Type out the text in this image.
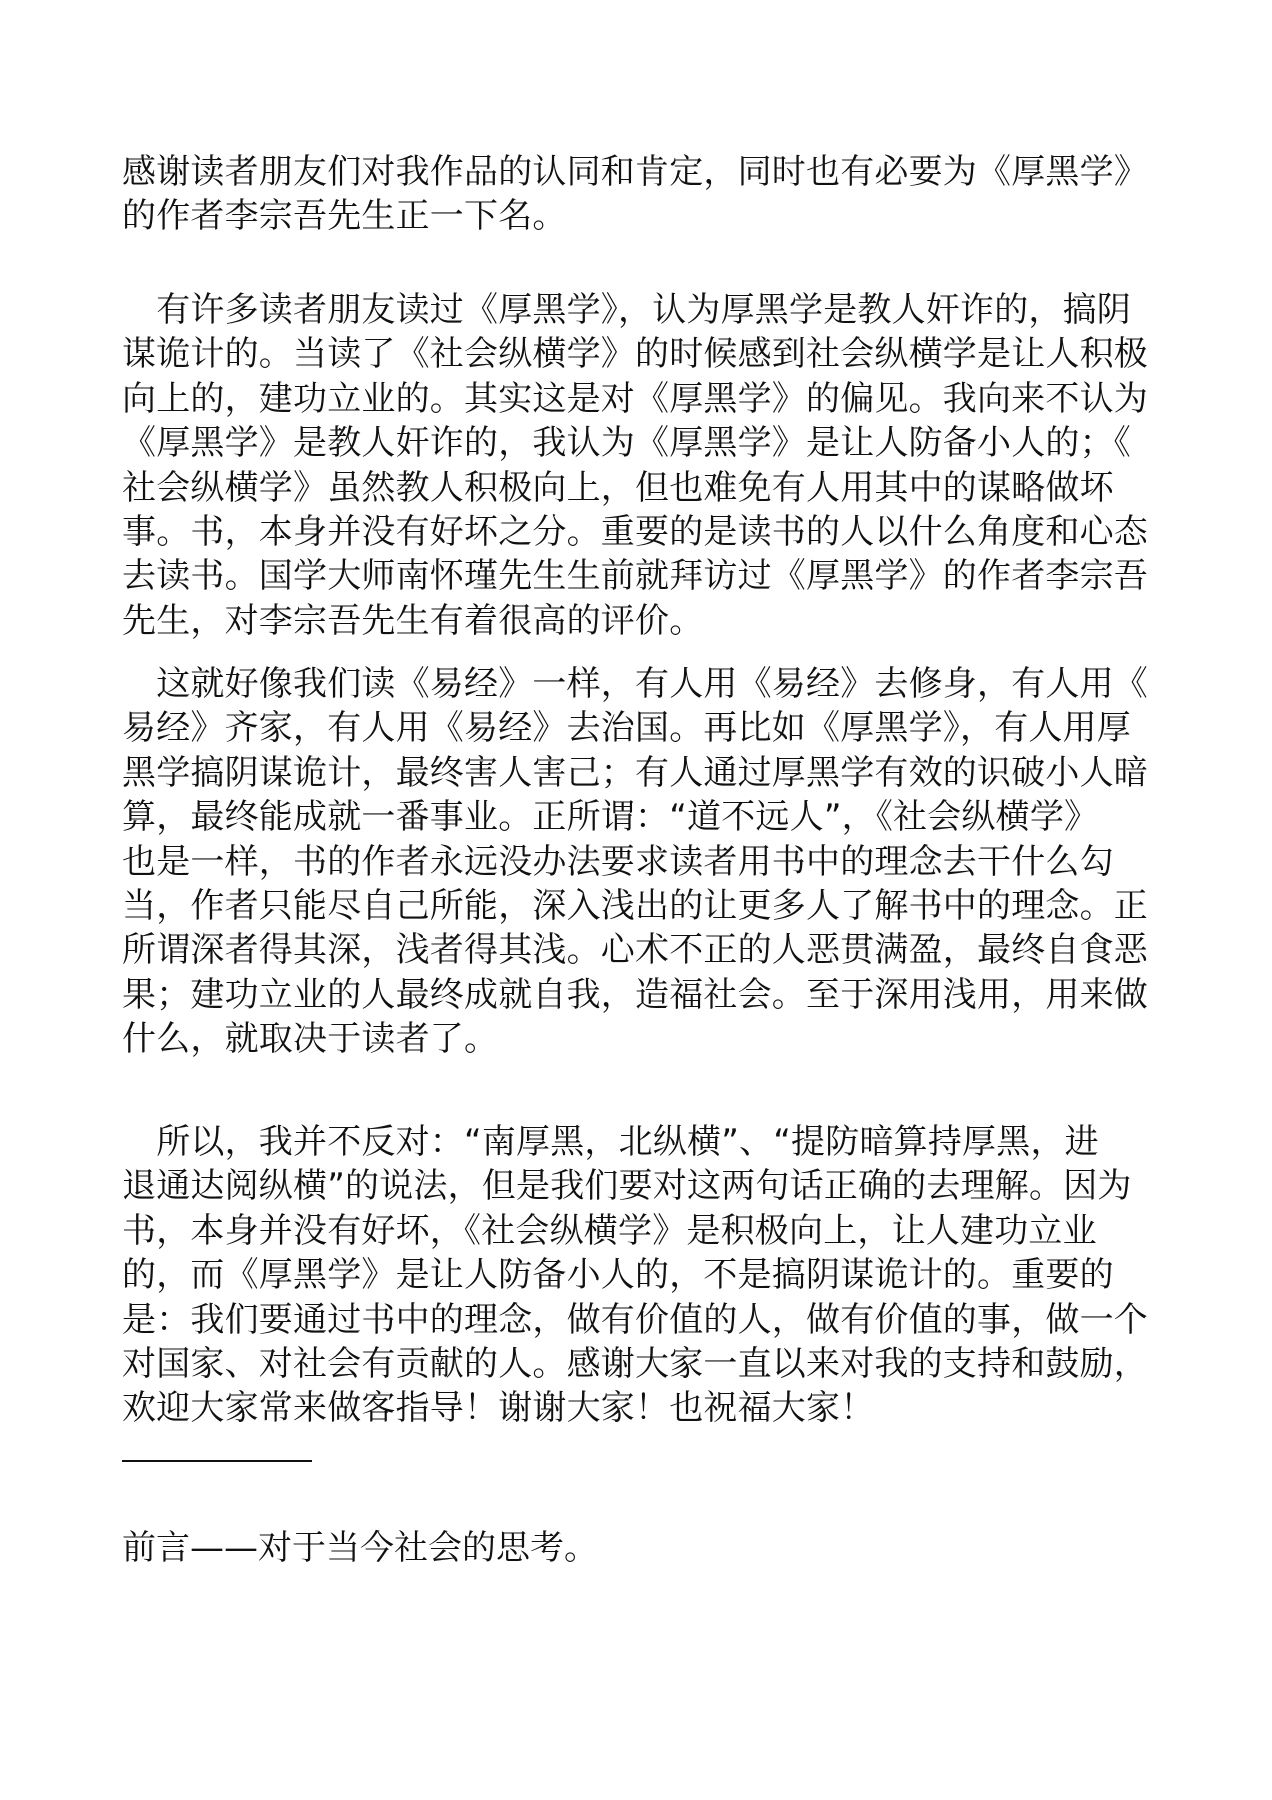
感谢读者朋友们对我作品的认同和肯定，同时也有必要为《厚黑学》
的作者李宗吾先生正一下名。
　有许多读者朋友读过《厚黑学》，认为厚黑学是教人奸诈的，搞阴
谋诡计的。当读了《社会纵横学》的时候感到社会纵横学是让人积极
向上的，建功立业的。其实这是对《厚黑学》的偏见。我向来不认为
《厚黑学》是教人奸诈的，我认为《厚黑学》是让人防备小人的；《
社会纵横学》虽然教人积极向上，但也难免有人用其中的谋略做坏
事。书，本身并没有好坏之分。重要的是读书的人以什么角度和心态
去读书。国学大师南怀瑾先生生前就拜访过《厚黑学》的作者李宗吾
先生，对李宗吾先生有着很高的评价。
　这就好像我们读《易经》一样，有人用《易经》去修身，有人用《
易经》齐家，有人用《易经》去治国。再比如《厚黑学》，有人用厚
黑学搞阴谋诡计，最终害人害己；有人通过厚黑学有效的识破小人暗
算，最终能成就一番事业。正所谓：“道不远人”，《社会纵横学》
也是一样，书的作者永远没办法要求读者用书中的理念去干什么勾
当，作者只能尽自己所能，深入浅出的让更多人了解书中的理念。正
所谓深者得其深，浅者得其浅。心术不正的人恶贯满盈，最终自食恶
果；建功立业的人最终成就自我，造福社会。至于深用浅用，用来做
什么，就取决于读者了。
　所以，我并不反对：“南厚黑，北纵横”、“提防暗算持厚黑，进
退通达阅纵横”的说法，但是我们要对这两句话正确的去理解。因为
书，本身并没有好坏，《社会纵横学》是积极向上，让人建功立业
的，而《厚黑学》是让人防备小人的，不是搞阴谋诡计的。重要的
是：我们要通过书中的理念，做有价值的人，做有价值的事，做一个
对国家、对社会有贡献的人。感谢大家一直以来对我的支持和鼓励，
欢迎大家常来做客指导！谢谢大家！也祝福大家！
前言——对于当今社会的思考。
